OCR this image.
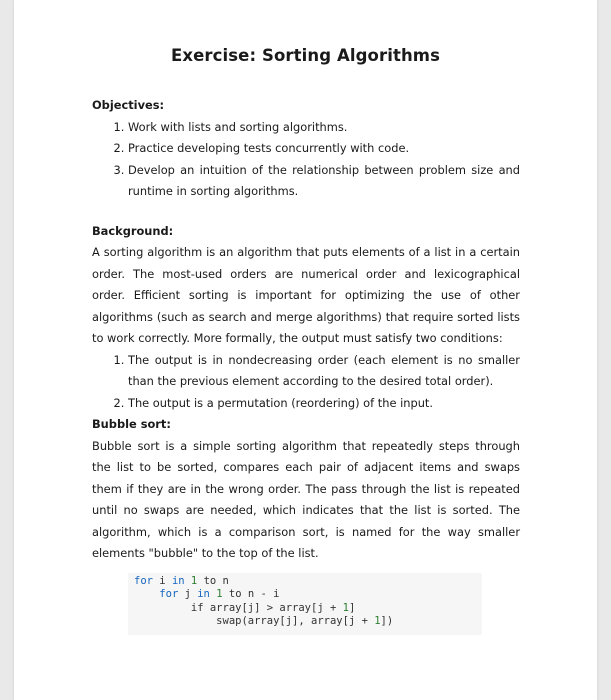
Exercise: Sorting Algorithms
Objectives:
1. Work with lists and sorting algorithms.
2. Practice developing tests concurrently with code.
3. Develop an intuition of the relationship between problem size and runtime in sorting algorithms.
Background:
A sorting algorithm is an algorithm that puts elements of a list in a certain order. The most-used orders are numerical order and lexicographical order. Efficient sorting is important for optimizing the use of other algorithms (such as search and merge algorithms) that require sorted lists to work correctly. More formally, the output must satisfy two conditions:
1. The output is in nondecreasing order (each element is no smaller than the previous element according to the desired total order).
2. The output is a permutation (reordering) of the input.
Bubble sort:
Bubble sort is a simple sorting algorithm that repeatedly steps through the list to be sorted, compares each pair of adjacent items and swaps them if they are in the wrong order. The pass through the list is repeated until no swaps are needed, which indicates that the list is sorted. The algorithm, which is a comparison sort, is named for the way smaller elements "bubble" to the top of the list.
for i in 1 to n
for j in 1 to n - i
if array[j] > array[j + 1]
swap(array[j], array[j + 1])
